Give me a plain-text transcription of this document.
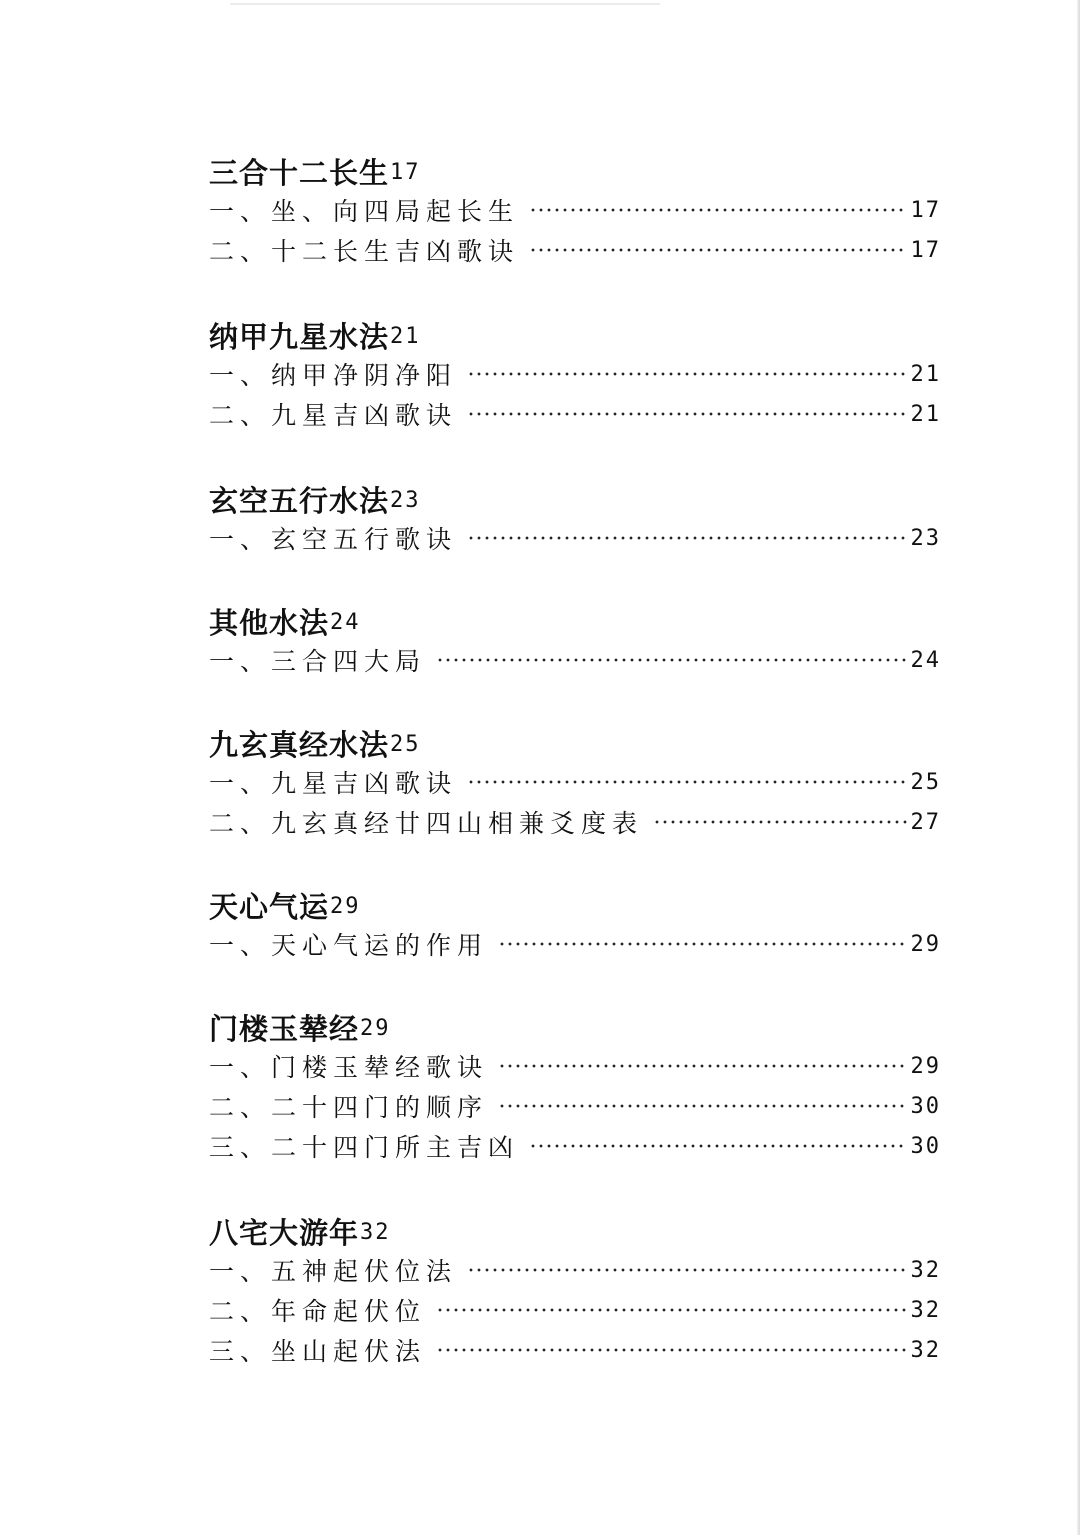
三合十二长生 17
一、坐、向四局起长生	17
二、十二长生吉凶歌诀	17
纳甲九星水法 21
一、纳甲净阴净阳	21
二、九星吉凶歌诀	21
玄空五行水法 23
一、玄空五行歌诀	23
其他水法 24
一、三合四大局	24
九玄真经水法 25
一、九星吉凶歌诀	25
二、九玄真经廿四山相兼爻度表	27
天心气运 29
一、天心气运的作用	29
门楼玉辇经 29
一、门楼玉辇经歌诀	29
二、二十四门的顺序	30
三、二十四门所主吉凶	30
八宅大游年 32
一、五神起伏位法	32
二、年命起伏位	32
三、坐山起伏法	32
